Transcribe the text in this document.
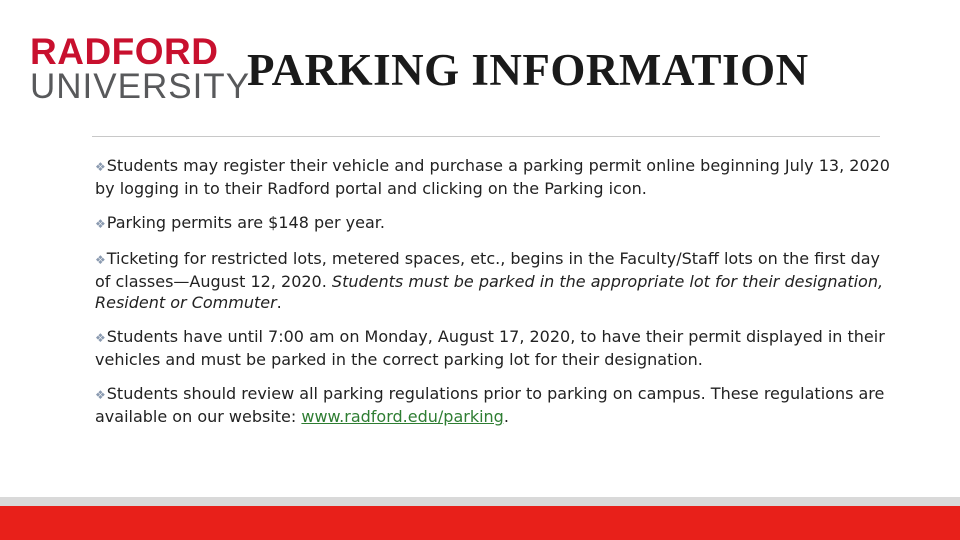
RADFORD
UNIVERSITY
PARKING INFORMATION
❖Students may register their vehicle and purchase a parking permit online beginning July 13, 2020 by logging in to their Radford portal and clicking on the Parking icon.
❖Parking permits are $148 per year.
❖Ticketing for restricted lots, metered spaces, etc., begins in the Faculty/Staff lots on the first day of classes—August 12, 2020. Students must be parked in the appropriate lot for their designation, Resident or Commuter.
❖Students have until 7:00 am on Monday, August 17, 2020, to have their permit displayed in their vehicles and must be parked in the correct parking lot for their designation.
❖Students should review all parking regulations prior to parking on campus. These regulations are available on our website: www.radford.edu/parking.
